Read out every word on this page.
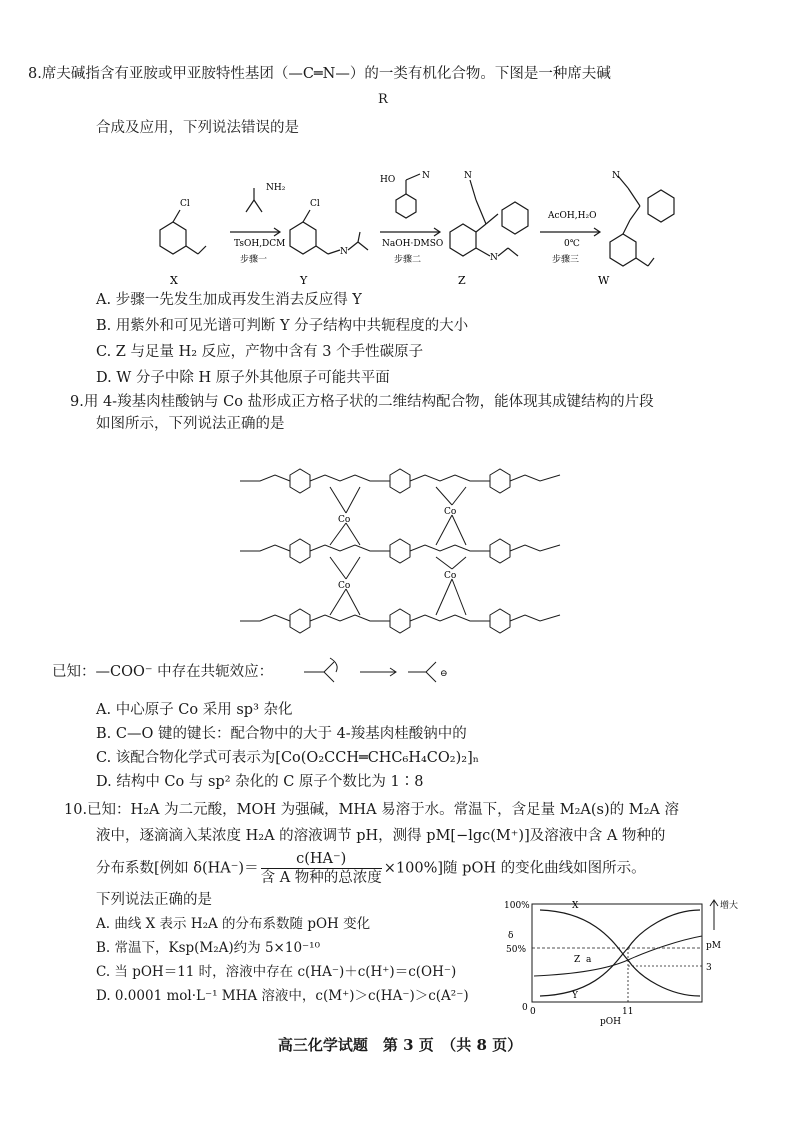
8.席夫碱指含有亚胺或甲亚胺特性基团（—C═N—）的一类有机化合物。下图是一种席夫碱
R
合成及应用，下列说法错误的是
Cl
NH₂
TsOH,DCM
步骤一
Cl
N
HO	N
NaOH·DMSO
步骤二
N
N
AcOH,H₂O
0℃
步骤三
N
X	Y	Z	W
A. 步骤一先发生加成再发生消去反应得 Y
B. 用紫外和可见光谱可判断 Y 分子结构中共轭程度的大小
C. Z 与足量 H₂ 反应，产物中含有 3 个手性碳原子
D. W 分子中除 H 原子外其他原子可能共平面
9.用 4-羧基肉桂酸钠与 Co 盐形成正方格子状的二维结构配合物，能体现其成键结构的片段
如图所示，下列说法正确的是
Co
Co
Co
Co
已知：—COO⁻ 中存在共轭效应：	⊖
A. 中心原子 Co 采用 sp³ 杂化
B. C—O 键的键长：配合物中的大于 4-羧基肉桂酸钠中的
C. 该配合物化学式可表示为[Co(O₂CCH═CHC₆H₄CO₂)₂]ₙ
D. 结构中 Co 与 sp² 杂化的 C 原子个数比为 1∶8
10.已知：H₂A 为二元酸，MOH 为强碱，MHA 易溶于水。常温下，含足量 M₂A(s)的 M₂A 溶
液中，逐滴滴入某浓度 H₂A 的溶液调节 pH，测得 pM[−lgc(M⁺)]及溶液中含 A 物种的
分布系数[例如 $\delta(HA^-)= \frac{c(HA^-)}{\text{含 A 物种的总浓度}} \times 100\%$]随 pOH 的变化曲线如图所示。
下列说法正确的是
A. 曲线 X 表示 H₂A 的分布系数随 pOH 变化
B. 常温下，Ksp(M₂A)约为 5×10⁻¹⁰
C. 当 pOH＝11 时，溶液中存在 c(HA⁻)＋c(H⁺)＝c(OH⁻)
D. 0.0001 mol·L⁻¹ MHA 溶液中，c(M⁺)＞c(HA⁻)＞c(A²⁻)
100%
δ
50%
0 0	11
pOH
X
Y
Z a
增大
pM
3
高三化学试题　第 3 页　（共 8 页）
